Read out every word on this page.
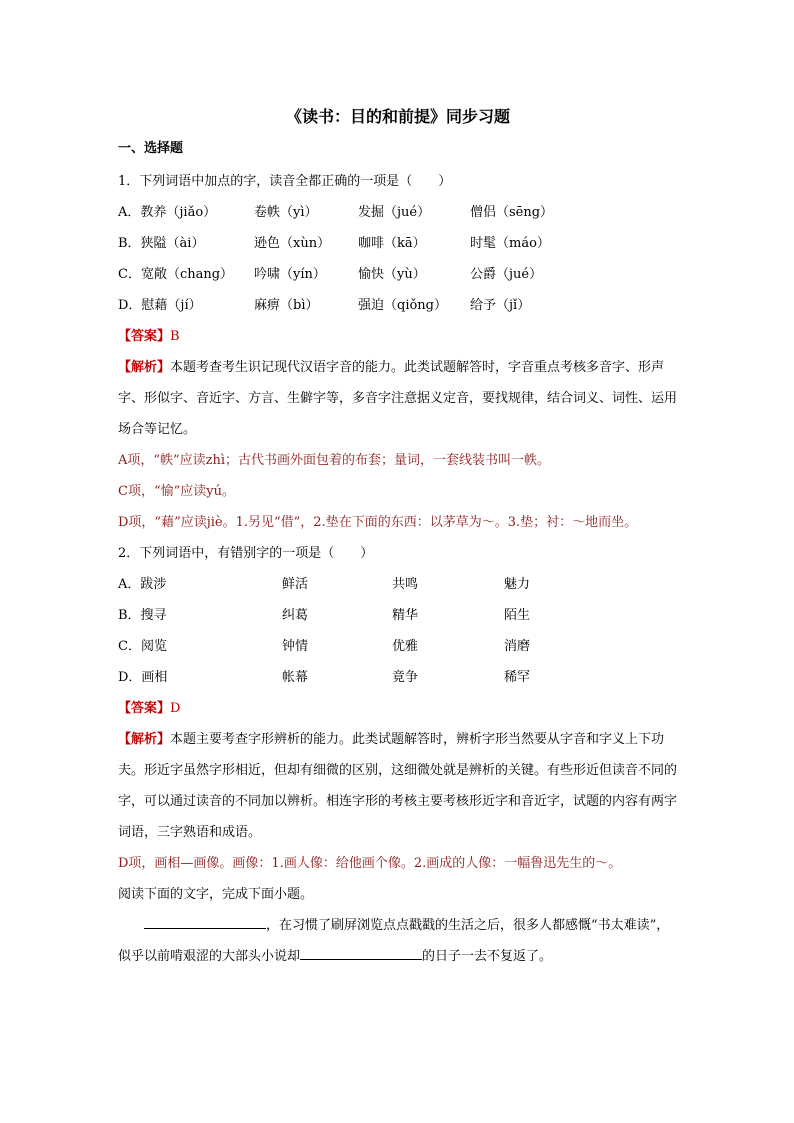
《读书：目的和前提》同步习题
一、选择题
1．下列词语中加点的字，读音全都正确的一项是（　　）
A．教养（jiǎo）	卷帙（yì）	发掘（jué）	僧侣（sēng）
B．狭隘（ài）	逊色（xùn）	咖啡（kā）	时髦（máo）
C．宽敞（chang）	吟啸（yín）	愉快（yù）	公爵（jué）
D．慰藉（jí）	麻痹（bì）	强迫（qiǒng）	给予（jǐ）
【答案】B
【解析】本题考查考生识记现代汉语字音的能力。此类试题解答时，字音重点考核多音字、形声字、形似字、音近字、方言、生僻字等，多音字注意据义定音，要找规律，结合词义、词性、运用场合等记忆。
A项，“帙”应读zhì；古代书画外面包着的布套；量词，一套线装书叫一帙。
C项，“愉”应读yú。
D项，“藉”应读jiè。1.另见“借”，2.垫在下面的东西：以茅草为～。3.垫；衬：～地而坐。
2．下列词语中，有错别字的一项是（　　）
A．跋涉	鲜活	共鸣	魅力
B．搜寻	纠葛	精华	陌生
C．阅览	钟情	优雅	消磨
D．画相	帐幕	竟争	稀罕
【答案】D
【解析】本题主要考查字形辨析的能力。此类试题解答时，辨析字形当然要从字音和字义上下功夫。形近字虽然字形相近，但却有细微的区别，这细微处就是辨析的关键。有些形近但读音不同的字，可以通过读音的不同加以辨析。相连字形的考核主要考核形近字和音近字，试题的内容有两字词语，三字熟语和成语。
D项，画相—画像。画像：1.画人像：给他画个像。2.画成的人像：一幅鲁迅先生的～。
阅读下面的文字，完成下面小题。
，在习惯了刷屏浏览点点戳戳的生活之后，很多人都感慨“书太难读”，似乎以前啃艰涩的大部头小说却	的日子一去不复返了。
